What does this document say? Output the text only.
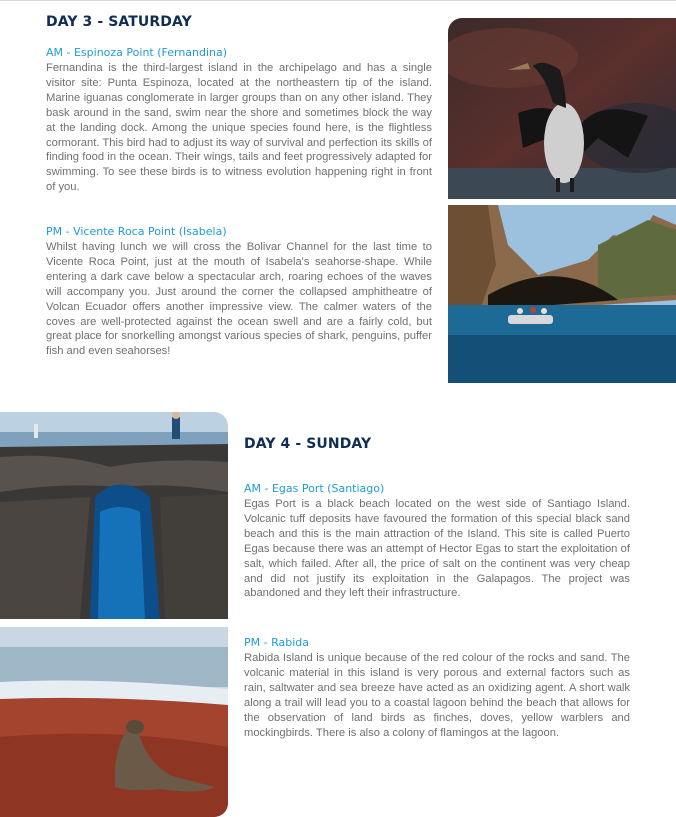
DAY 3 - SATURDAY
AM - Espinoza Point (Fernandina)

Fernandina is the third-largest island in the archipelago and has a single visitor site: Punta Espinoza, located at the northeastern tip of the island. Marine iguanas conglomerate in larger groups than on any other island. They bask around in the sand, swim near the shore and sometimes block the way at the landing dock. Among the unique species found here, is the flightless cormorant. This bird had to adjust its way of survival and perfection its skills of finding food in the ocean. Their wings, tails and feet progressively adapted for swimming. To see these birds is to witness evolution happening right in front of you.

PM - Vicente Roca Point (Isabela)

Whilst having lunch we will cross the Bolivar Channel for the last time to Vicente Roca Point, just at the mouth of Isabela's seahorse-shape. While entering a dark cave below a spectacular arch, roaring echoes of the waves will accompany you. Just around the corner the collapsed amphitheatre of Volcan Ecuador offers another impressive view. The calmer waters of the coves are well-protected against the ocean swell and are a fairly cold, but great place for snorkelling amongst various species of shark, penguins, puffer fish and even seahorses!

DAY 4 - SUNDAY
AM - Egas Port (Santiago)

Egas Port is a black beach located on the west side of Santiago Island. Volcanic tuff deposits have favoured the formation of this special black sand beach and this is the main attraction of the Island. This site is called Puerto Egas because there was an attempt of Hector Egas to start the exploitation of salt, which failed. After all, the price of salt on the continent was very cheap and did not justify its exploitation in the Galapagos. The project was abandoned and they left their infrastructure.

PM - Rabida

Rabida Island is unique because of the red colour of the rocks and sand. The volcanic material in this island is very porous and external factors such as rain, saltwater and sea breeze have acted as an oxidizing agent. A short walk along a trail will lead you to a coastal lagoon behind the beach that allows for the observation of land birds as finches, doves, yellow warblers and mockingbirds. There is also a colony of flamingos at the lagoon.
